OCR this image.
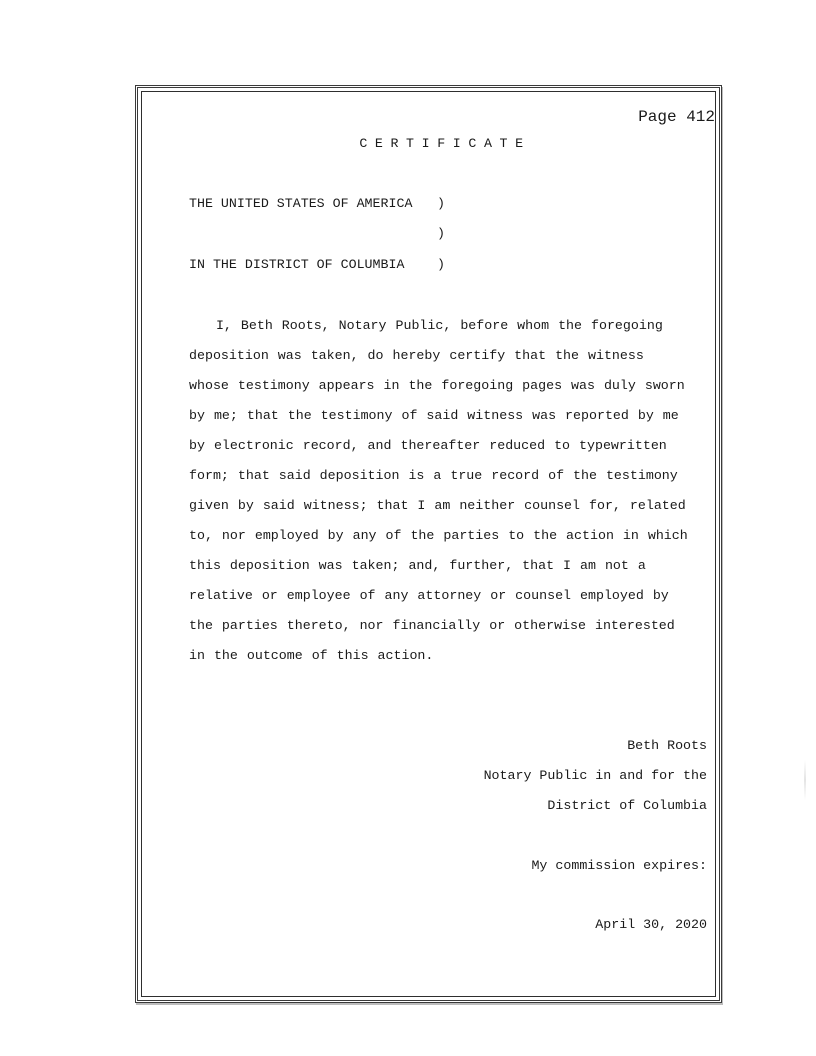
Page 412
CERTIFICATE
THE UNITED STATES OF AMERICA )
)
IN THE DISTRICT OF COLUMBIA )
I, Beth Roots, Notary Public, before whom the foregoing
deposition was taken, do hereby certify that the witness
whose testimony appears in the foregoing pages was duly sworn
by me; that the testimony of said witness was reported by me
by electronic record, and thereafter reduced to typewritten
form; that said deposition is a true record of the testimony
given by said witness; that I am neither counsel for, related
to, nor employed by any of the parties to the action in which
this deposition was taken; and, further, that I am not a
relative or employee of any attorney or counsel employed by
the parties thereto, nor financially or otherwise interested
in the outcome of this action.
Beth Roots
Notary Public in and for the
District of Columbia
My commission expires:
April 30, 2020
